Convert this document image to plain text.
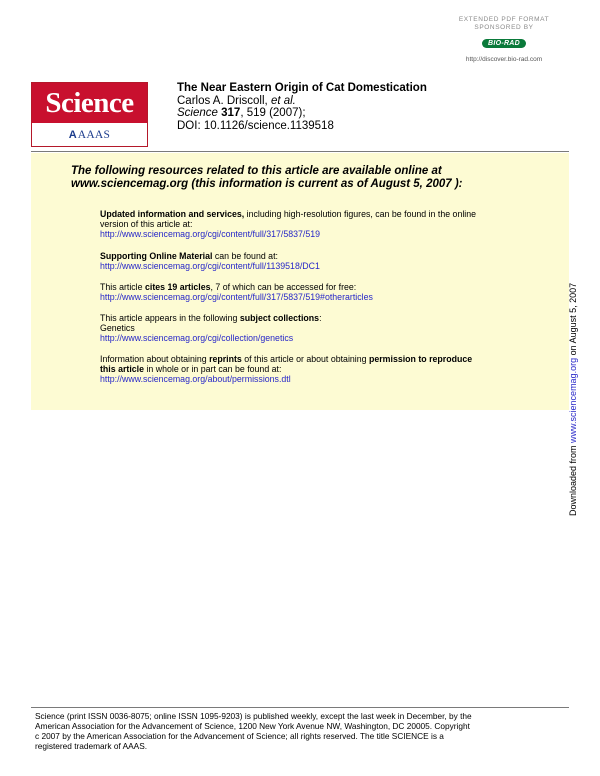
EXTENDED PDF FORMAT
SPONSORED BY
BIO-RAD
http://discover.bio-rad.com
Science
A AAAS
The Near Eastern Origin of Cat Domestication
Carlos A. Driscoll, et al.
Science 317, 519 (2007);
DOI: 10.1126/science.1139518
The following resources related to this article are available online at
www.sciencemag.org (this information is current as of August 5, 2007 ):
Updated information and services, including high-resolution figures, can be found in the online
version of this article at:
http://www.sciencemag.org/cgi/content/full/317/5837/519
Supporting Online Material can be found at:
http://www.sciencemag.org/cgi/content/full/1139518/DC1
This article cites 19 articles, 7 of which can be accessed for free:
http://www.sciencemag.org/cgi/content/full/317/5837/519#otherarticles
This article appears in the following subject collections:
Genetics
http://www.sciencemag.org/cgi/collection/genetics
Information about obtaining reprints of this article or about obtaining permission to reproduce
this article in whole or in part can be found at:
http://www.sciencemag.org/about/permissions.dtl
Downloaded from www.sciencemag.org on August 5, 2007
Science (print ISSN 0036-8075; online ISSN 1095-9203) is published weekly, except the last week in December, by the
American Association for the Advancement of Science, 1200 New York Avenue NW, Washington, DC 20005. Copyright
c 2007 by the American Association for the Advancement of Science; all rights reserved. The title SCIENCE is a
registered trademark of AAAS.
